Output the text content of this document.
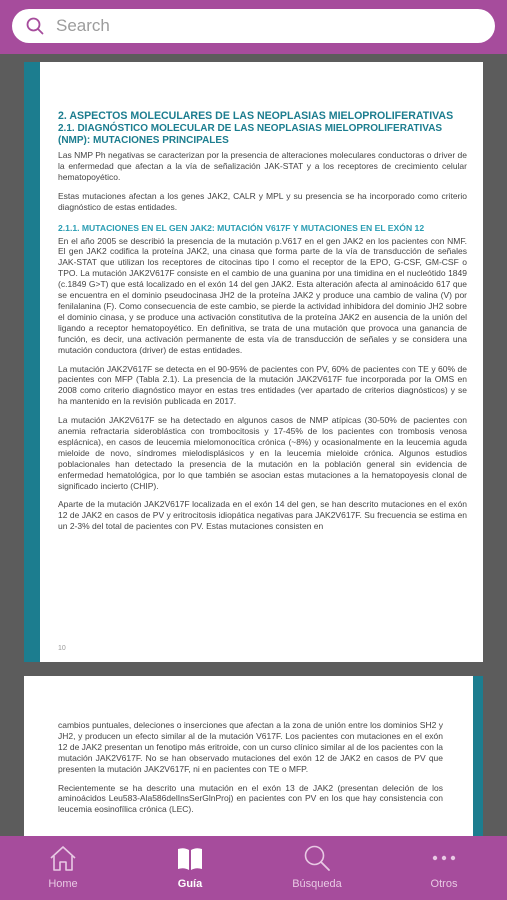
Search

2. ASPECTOS MOLECULARES DE LAS NEOPLASIAS MIELOPROLIFERATIVAS

2.1. DIAGNÓSTICO MOLECULAR DE LAS NEOPLASIAS MIELOPROLIFERATIVAS (NMP): MUTACIONES PRINCIPALES

Las NMP Ph negativas se caracterizan por la presencia de alteraciones moleculares conductoras o driver de la enfermedad que afectan a la vía de señalización JAK-STAT y a los receptores de crecimiento celular hematopoyético.

Estas mutaciones afectan a los genes JAK2, CALR y MPL y su presencia se ha incorporado como criterio diagnóstico de estas entidades.

2.1.1. MUTACIONES EN EL GEN JAK2: MUTACIÓN V617F Y MUTACIONES EN EL EXÓN 12

En el año 2005 se describió la presencia de la mutación p.V617 en el gen JAK2 en los pacientes con NMF. El gen JAK2 codifica la proteína JAK2, una cinasa que forma parte de la vía de transducción de señales JAK-STAT que utilizan los receptores de citocinas tipo I como el receptor de la EPO, G-CSF, GM-CSF o TPO. La mutación JAK2V617F consiste en el cambio de una guanina por una timidina en el nucleótido 1849 (c.1849 G>T) que está localizado en el exón 14 del gen JAK2. Esta alteración afecta al aminoácido 617 que se encuentra en el dominio pseudocinasa JH2 de la proteína JAK2 y produce una cambio de valina (V) por fenilalanina (F). Como consecuencia de este cambio, se pierde la actividad inhibidora del dominio JH2 sobre el dominio cinasa, y se produce una activación constitutiva de la proteína JAK2 en ausencia de la unión del ligando a receptor hematopoyético. En definitiva, se trata de una mutación que provoca una ganancia de función, es decir, una activación permanente de esta vía de transducción de señales y se considera una mutación conductora (driver) de estas entidades.

La mutación JAK2V617F se detecta en el 90-95% de pacientes con PV, 60% de pacientes con TE y 60% de pacientes con MFP (Tabla 2.1). La presencia de la mutación JAK2V617F fue incorporada por la OMS en 2008 como criterio diagnóstico mayor en estas tres entidades (ver apartado de criterios diagnósticos) y se ha mantenido en la revisión publicada en 2017.

La mutación JAK2V617F se ha detectado en algunos casos de NMP atípicas (30-50% de pacientes con anemia refractaria sideroblástica con trombocitosis y 17-45% de los pacientes con trombosis venosa esplácnica), en casos de leucemia mielomonocítica crónica (~8%) y ocasionalmente en la leucemia aguda mieloide de novo, síndromes mielodisplásicos y en la leucemia mieloide crónica. Algunos estudios poblacionales han detectado la presencia de la mutación en la población general sin evidencia de enfermedad hematológica, por lo que también se asocian estas mutaciones a la hematopoyesis clonal de significado incierto (CHIP).

Aparte de la mutación JAK2V617F localizada en el exón 14 del gen, se han descrito mutaciones en el exón 12 de JAK2 en casos de PV y eritrocitosis idiopática negativas para JAK2V617F. Su frecuencia se estima en un 2-3% del total de pacientes con PV. Estas mutaciones consisten en

10

cambios puntuales, deleciones o inserciones que afectan a la zona de unión entre los dominios SH2 y JH2, y producen un efecto similar al de la mutación V617F. Los pacientes con mutaciones en el exón 12 de JAK2 presentan un fenotipo más eritroide, con un curso clínico similar al de los pacientes con la mutación JAK2V617F. No se han observado mutaciones del exón 12 de JAK2 en casos de PV que presenten la mutación JAK2V617F, ni en pacientes con TE o MFP.

Recientemente se ha descrito una mutación en el exón 13 de JAK2 (presentan deleción de los aminoácidos Leu583-Ala586delInsSerGlnProj) en pacientes con PV en los que hay consistencia con leucemia eosinofílica crónica (LEC).

Home	Guía	Búsqueda	Otros
